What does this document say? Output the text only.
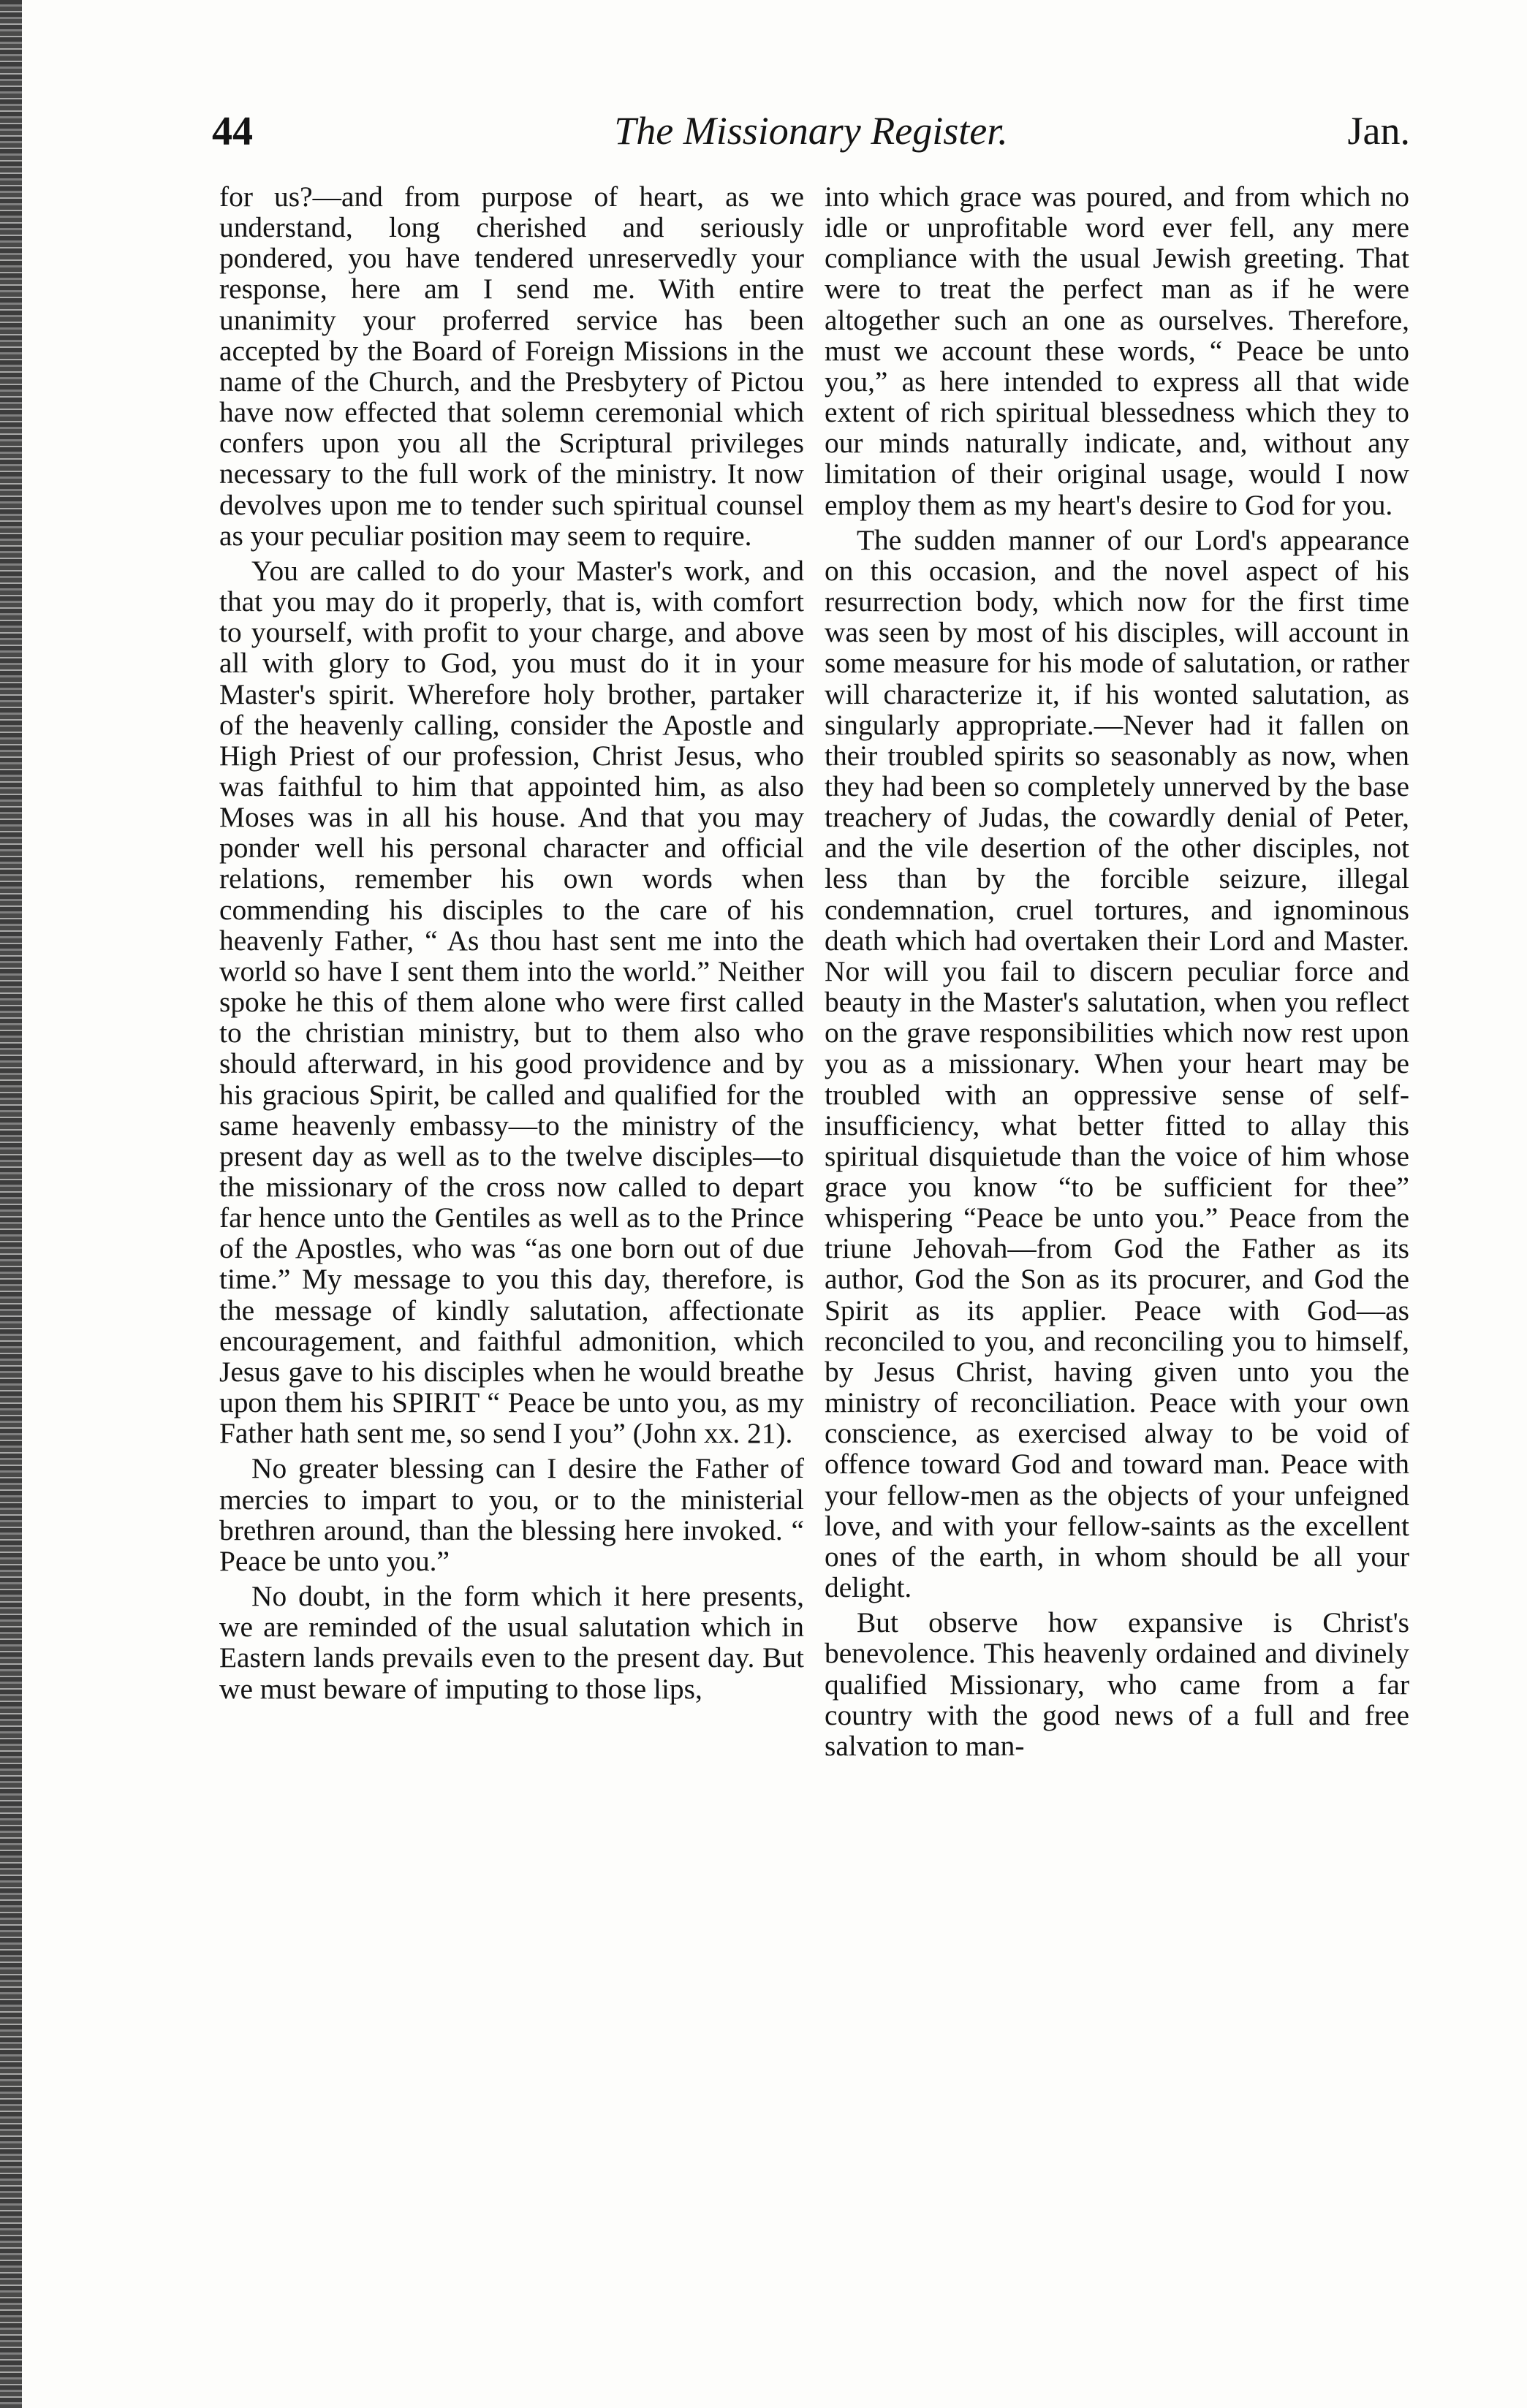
44	The Missionary Register.	Jan.

for us?—and from purpose of heart, as we understand, long cherished and seriously pondered, you have tendered unreservedly your response, here am I send me. With entire unanimity your proferred service has been accepted by the Board of Foreign Missions in the name of the Church, and the Presbytery of Pictou have now effected that solemn ceremonial which confers upon you all the Scriptural privileges necessary to the full work of the ministry. It now devolves upon me to tender such spiritual counsel as your peculiar position may seem to require.

You are called to do your Master's work, and that you may do it properly, that is, with comfort to yourself, with profit to your charge, and above all with glory to God, you must do it in your Master's spirit. Wherefore holy brother, partaker of the heavenly calling, consider the Apostle and High Priest of our profession, Christ Jesus, who was faithful to him that appointed him, as also Moses was in all his house. And that you may ponder well his personal character and official relations, remember his own words when commending his disciples to the care of his heavenly Father, “ As thou hast sent me into the world so have I sent them into the world.” Neither spoke he this of them alone who were first called to the christian ministry, but to them also who should afterward, in his good providence and by his gracious Spirit, be called and qualified for the same heavenly embassy—to the ministry of the present day as well as to the twelve disciples—to the missionary of the cross now called to depart far hence unto the Gentiles as well as to the Prince of the Apostles, who was “as one born out of due time.” My message to you this day, therefore, is the message of kindly salutation, affectionate encouragement, and faithful admonition, which Jesus gave to his disciples when he would breathe upon them his SPIRIT “ Peace be unto you, as my Father hath sent me, so send I you” (John xx. 21).

No greater blessing can I desire the Father of mercies to impart to you, or to the ministerial brethren around, than the blessing here invoked. “ Peace be unto you.”

No doubt, in the form which it here presents, we are reminded of the usual salutation which in Eastern lands prevails even to the present day. But we must beware of imputing to those lips,

into which grace was poured, and from which no idle or unprofitable word ever fell, any mere compliance with the usual Jewish greeting. That were to treat the perfect man as if he were altogether such an one as ourselves. Therefore, must we account these words, “ Peace be unto you,” as here intended to express all that wide extent of rich spiritual blessedness which they to our minds naturally indicate, and, without any limitation of their original usage, would I now employ them as my heart's desire to God for you.

The sudden manner of our Lord's appearance on this occasion, and the novel aspect of his resurrection body, which now for the first time was seen by most of his disciples, will account in some measure for his mode of salutation, or rather will characterize it, if his wonted salutation, as singularly appropriate.—Never had it fallen on their troubled spirits so seasonably as now, when they had been so completely unnerved by the base treachery of Judas, the cowardly denial of Peter, and the vile desertion of the other disciples, not less than by the forcible seizure, illegal condemnation, cruel tortures, and ignominous death which had overtaken their Lord and Master. Nor will you fail to discern peculiar force and beauty in the Master's salutation, when you reflect on the grave responsibilities which now rest upon you as a missionary. When your heart may be troubled with an oppressive sense of self-insufficiency, what better fitted to allay this spiritual disquietude than the voice of him whose grace you know “to be sufficient for thee” whispering “Peace be unto you.” Peace from the triune Jehovah—from God the Father as its author, God the Son as its procurer, and God the Spirit as its applier. Peace with God—as reconciled to you, and reconciling you to himself, by Jesus Christ, having given unto you the ministry of reconciliation. Peace with your own conscience, as exercised alway to be void of offence toward God and toward man. Peace with your fellow-men as the objects of your unfeigned love, and with your fellow-saints as the excellent ones of the earth, in whom should be all your delight.

But observe how expansive is Christ's benevolence. This heavenly ordained and divinely qualified Missionary, who came from a far country with the good news of a full and free salvation to man-
